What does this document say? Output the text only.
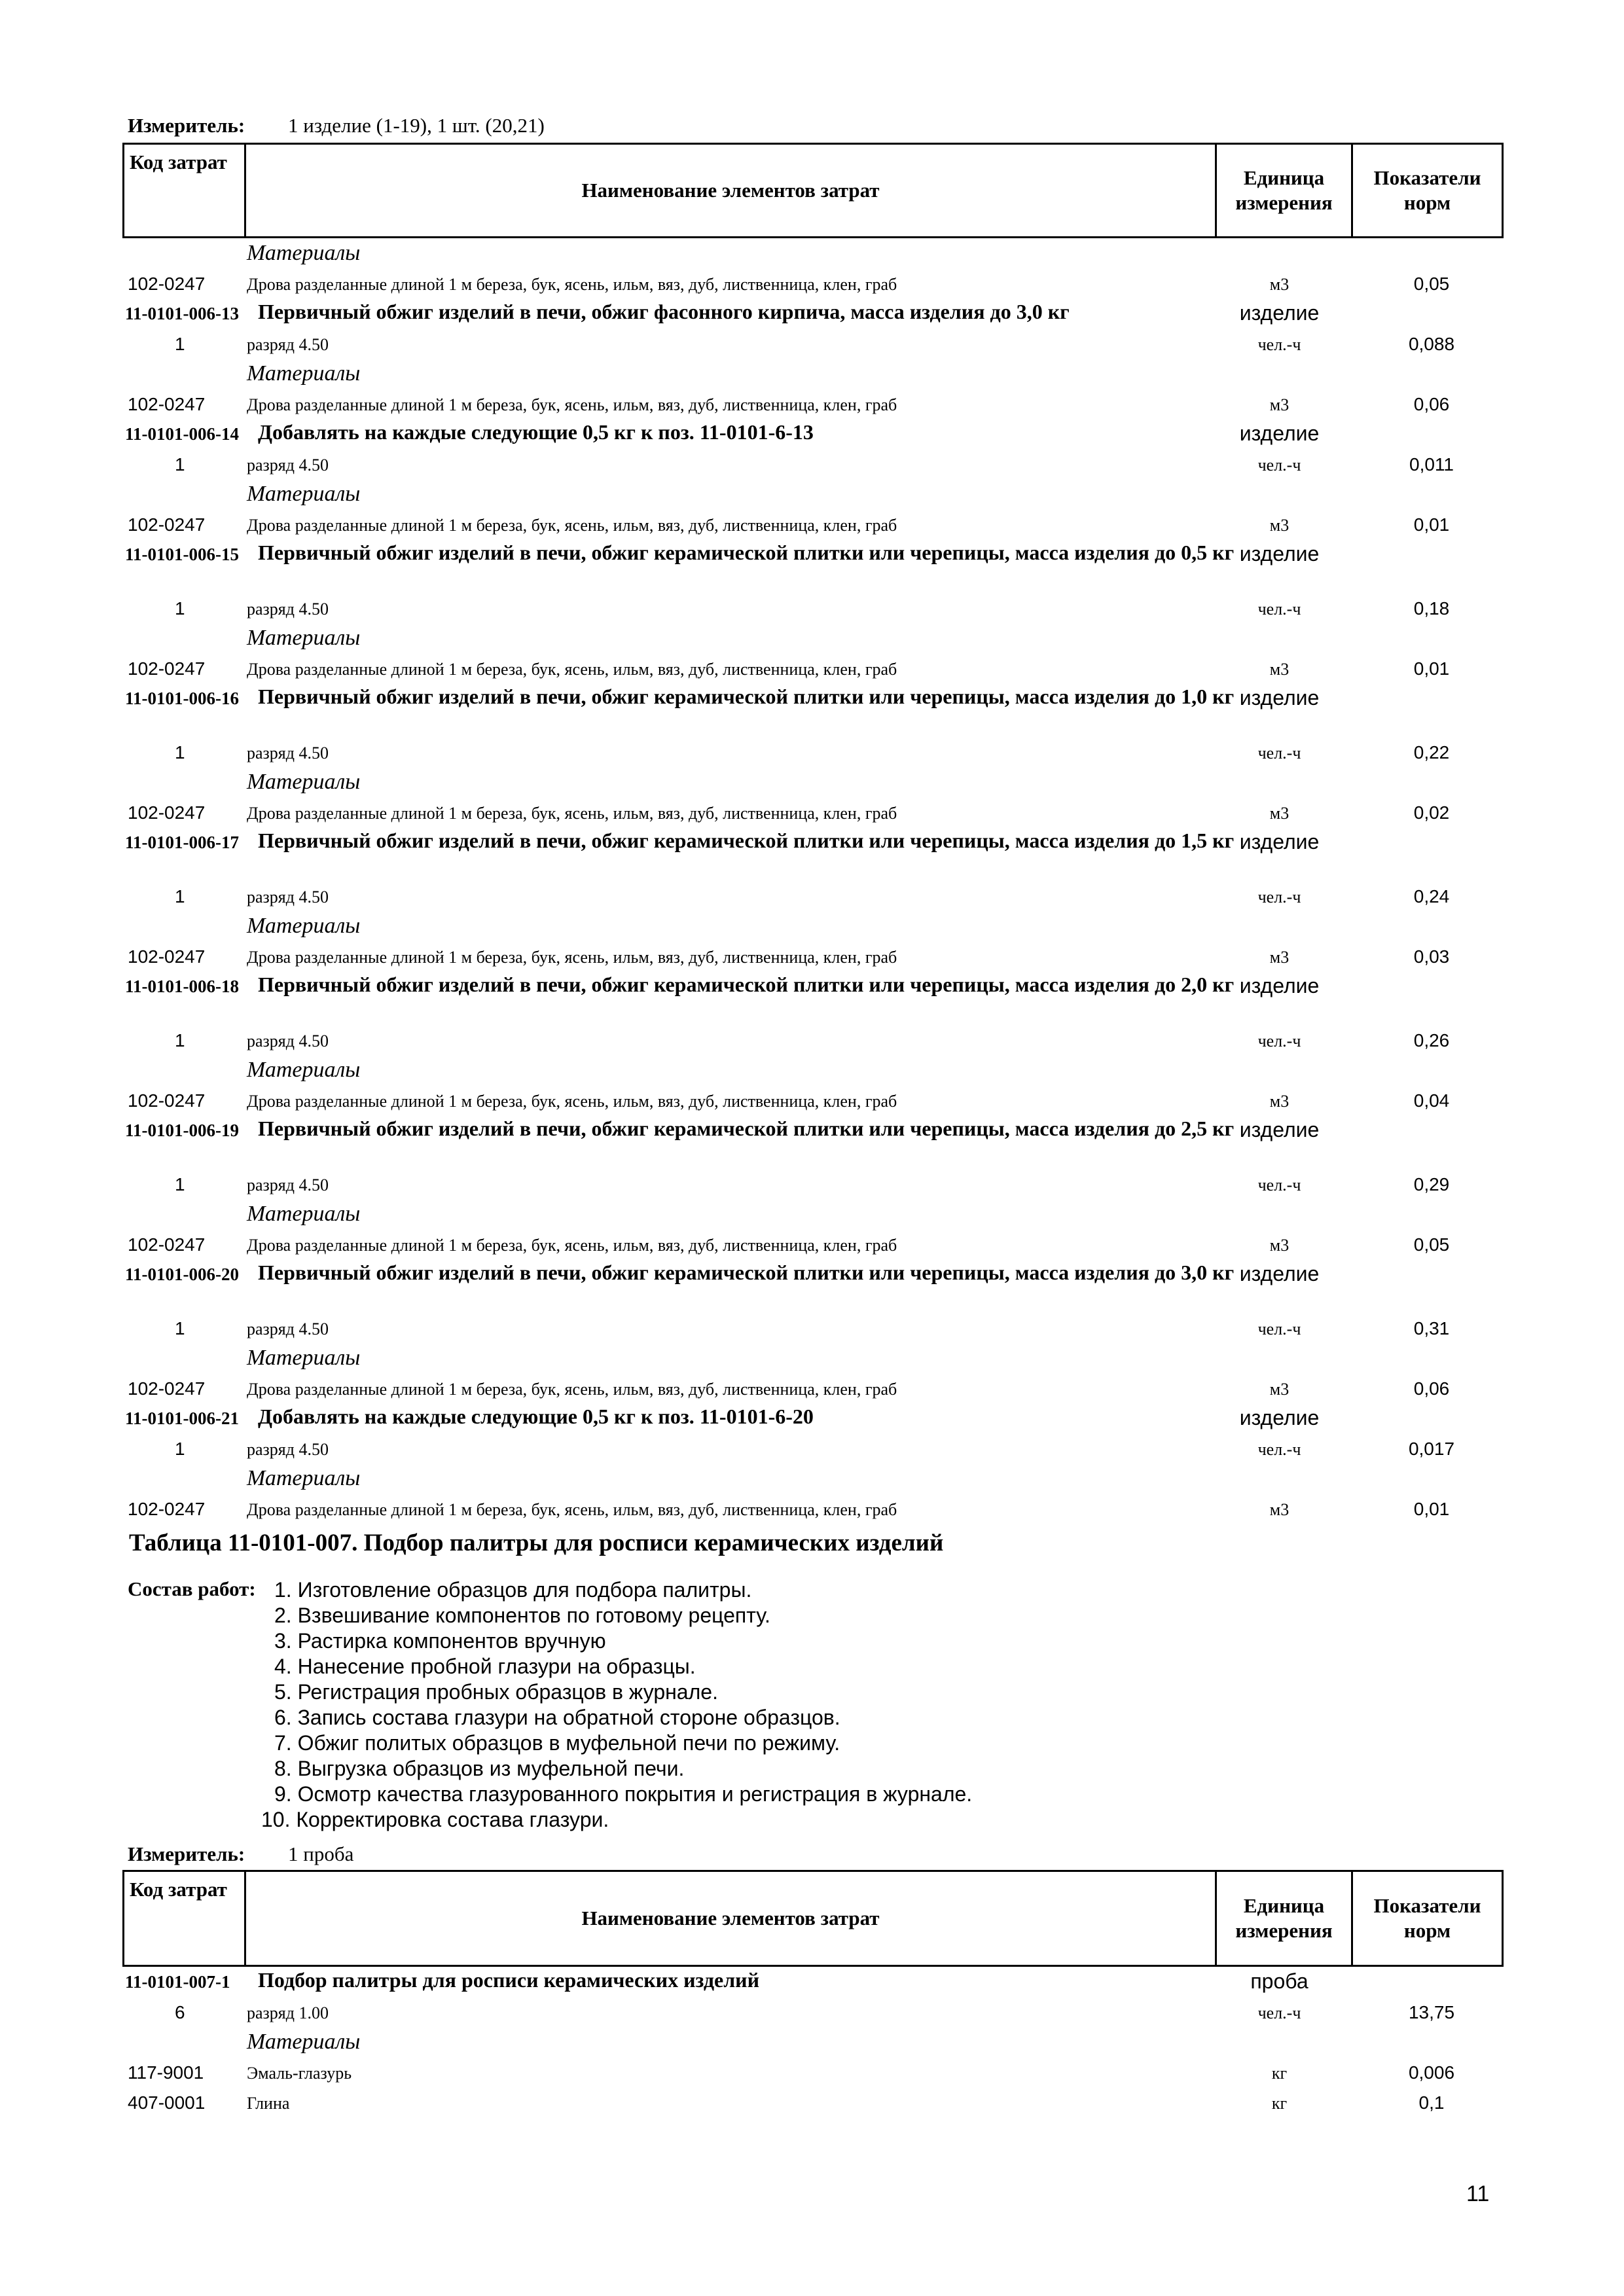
Измеритель: 1 изделие (1-19), 1 шт. (20,21)
Код затрат	Наименование элементов затрат	Единица измерения	Показатели норм
Материалы
102-0247 Дрова разделанные длиной 1 м береза, бук, ясень, ильм, вяз, дуб, лиственница, клен, граб	м3	0,05
11-0101-006-13 Первичный обжиг изделий в печи, обжиг фасонного кирпича, масса изделия до 3,0 кг	изделие
1	разряд 4.50	чел.-ч	0,088
Материалы
102-0247 Дрова разделанные длиной 1 м береза, бук, ясень, ильм, вяз, дуб, лиственница, клен, граб	м3	0,06
11-0101-006-14 Добавлять на каждые следующие 0,5 кг к поз. 11-0101-6-13	изделие
1	разряд 4.50	чел.-ч	0,011
Материалы
102-0247 Дрова разделанные длиной 1 м береза, бук, ясень, ильм, вяз, дуб, лиственница, клен, граб	м3	0,01
11-0101-006-15 Первичный обжиг изделий в печи, обжиг керамической плитки или черепицы, масса изделия до 0,5 кг изделие
1	разряд 4.50	чел.-ч	0,18
Материалы
102-0247 Дрова разделанные длиной 1 м береза, бук, ясень, ильм, вяз, дуб, лиственница, клен, граб	м3	0,01
11-0101-006-16 Первичный обжиг изделий в печи, обжиг керамической плитки или черепицы, масса изделия до 1,0 кг изделие
1	разряд 4.50	чел.-ч	0,22
Материалы
102-0247 Дрова разделанные длиной 1 м береза, бук, ясень, ильм, вяз, дуб, лиственница, клен, граб	м3	0,02
11-0101-006-17 Первичный обжиг изделий в печи, обжиг керамической плитки или черепицы, масса изделия до 1,5 кг изделие
1	разряд 4.50	чел.-ч	0,24
Материалы
102-0247 Дрова разделанные длиной 1 м береза, бук, ясень, ильм, вяз, дуб, лиственница, клен, граб	м3	0,03
11-0101-006-18 Первичный обжиг изделий в печи, обжиг керамической плитки или черепицы, масса изделия до 2,0 кг изделие
1	разряд 4.50	чел.-ч	0,26
Материалы
102-0247 Дрова разделанные длиной 1 м береза, бук, ясень, ильм, вяз, дуб, лиственница, клен, граб	м3	0,04
11-0101-006-19 Первичный обжиг изделий в печи, обжиг керамической плитки или черепицы, масса изделия до 2,5 кг изделие
1	разряд 4.50	чел.-ч	0,29
Материалы
102-0247 Дрова разделанные длиной 1 м береза, бук, ясень, ильм, вяз, дуб, лиственница, клен, граб	м3	0,05
11-0101-006-20 Первичный обжиг изделий в печи, обжиг керамической плитки или черепицы, масса изделия до 3,0 кг изделие
1	разряд 4.50	чел.-ч	0,31
Материалы
102-0247 Дрова разделанные длиной 1 м береза, бук, ясень, ильм, вяз, дуб, лиственница, клен, граб	м3	0,06
11-0101-006-21 Добавлять на каждые следующие 0,5 кг к поз. 11-0101-6-20	изделие
1	разряд 4.50	чел.-ч	0,017
Материалы
102-0247 Дрова разделанные длиной 1 м береза, бук, ясень, ильм, вяз, дуб, лиственница, клен, граб	м3	0,01
Таблица 11-0101-007. Подбор палитры для росписи керамических изделий
Состав работ: 1. Изготовление образцов для подбора палитры.
2. Взвешивание компонентов по готовому рецепту.
3. Растирка компонентов вручную
4. Нанесение пробной глазури на образцы.
5. Регистрация пробных образцов в журнале.
6. Запись состава глазури на обратной стороне образцов.
7. Обжиг политых образцов в муфельной печи по режиму.
8. Выгрузка образцов из муфельной печи.
9. Осмотр качества глазурованного покрытия и регистрация в журнале.
10. Корректировка состава глазури.
Измеритель: 1 проба
Код затрат	Наименование элементов затрат	Единица измерения	Показатели норм
11-0101-007-1 Подбор палитры для росписи керамических изделий	проба
6	разряд 1.00	чел.-ч	13,75
Материалы
117-9001	Эмаль-глазурь	кг	0,006
407-0001 Глина	кг	0,1
11
